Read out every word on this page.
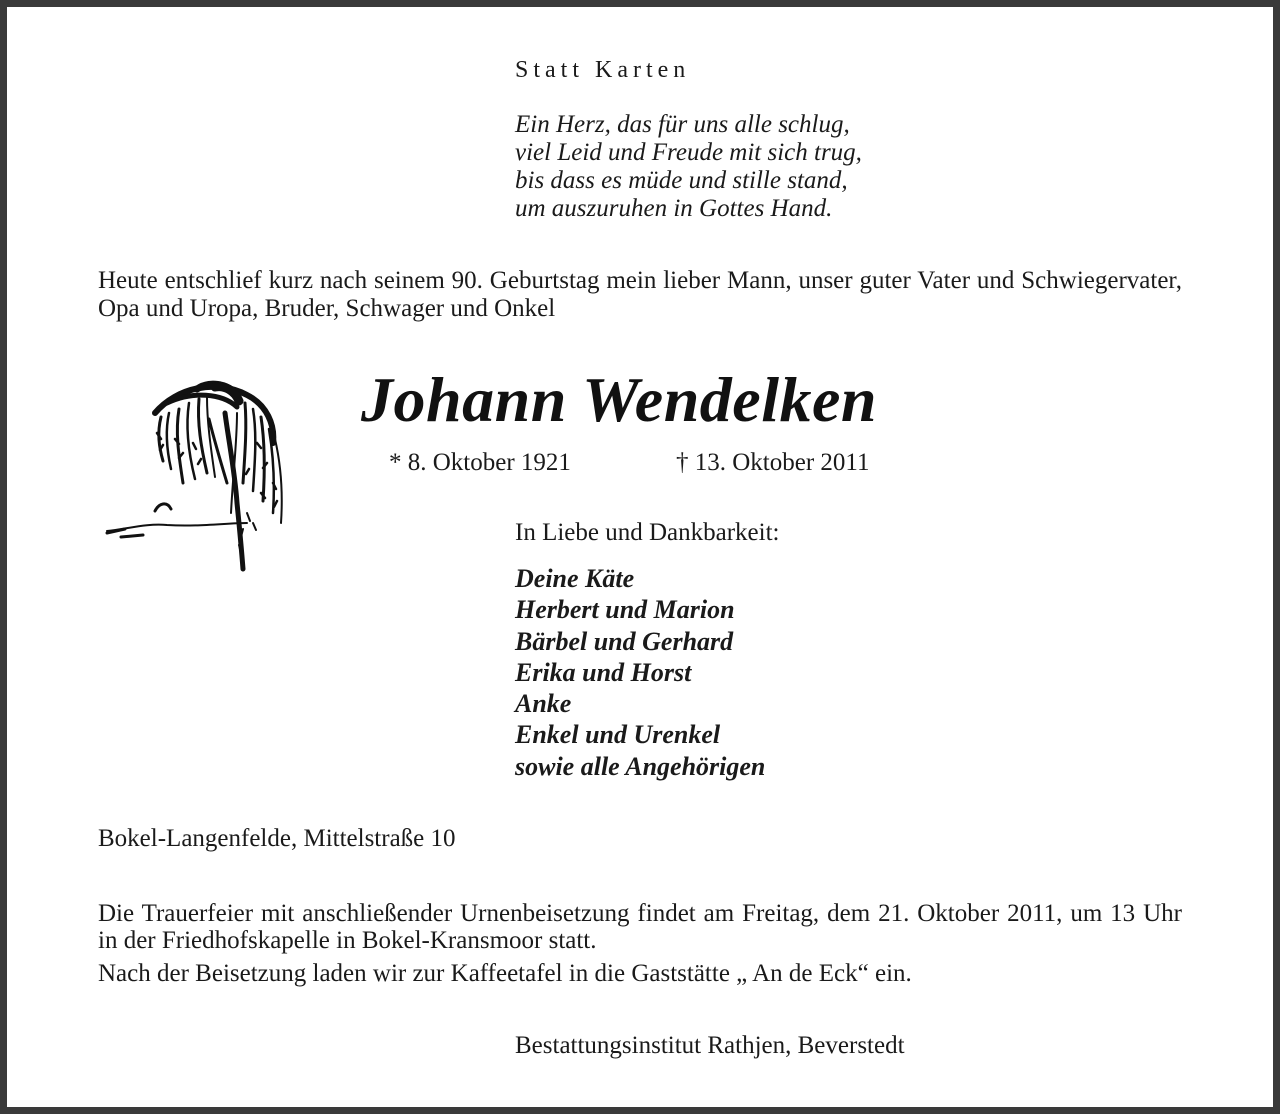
Statt Karten
Ein Herz, das für uns alle schlug,
viel Leid und Freude mit sich trug,
bis dass es müde und stille stand,
um auszuruhen in Gottes Hand.
Heute entschlief kurz nach seinem 90. Geburtstag mein lieber Mann, unser guter Vater und Schwiegervater, Opa und Uropa, Bruder, Schwager und Onkel
Johann Wendelken
* 8. Oktober 1921	† 13. Oktober 2011
In Liebe und Dankbarkeit:
Deine Käte
Herbert und Marion
Bärbel und Gerhard
Erika und Horst
Anke
Enkel und Urenkel
sowie alle Angehörigen
Bokel-Langenfelde, Mittelstraße 10
Die Trauerfeier mit anschließender Urnenbeisetzung findet am Freitag, dem 21. Oktober 2011, um 13 Uhr in der Friedhofskapelle in Bokel-Kransmoor statt.
Nach der Beisetzung laden wir zur Kaffeetafel in die Gaststätte „ An de Eck“ ein.
Bestattungsinstitut Rathjen, Beverstedt
